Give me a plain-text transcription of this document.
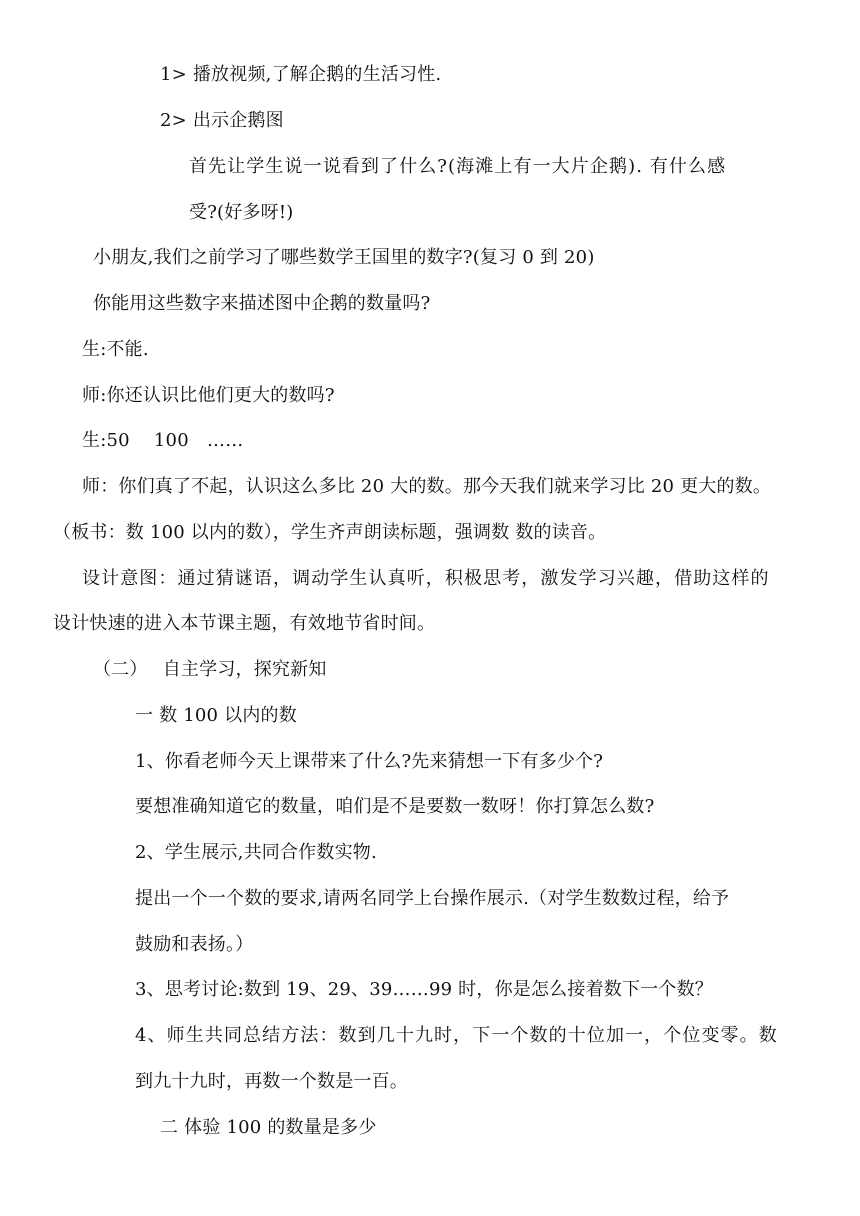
1> 播放视频,了解企鹅的生活习性.
2> 出示企鹅图
首先让学生说一说看到了什么?(海滩上有一大片企鹅). 有什么感
受?(好多呀!)
小朋友,我们之前学习了哪些数学王国里的数字?(复习 0 到 20)
你能用这些数字来描述图中企鹅的数量吗?
生:不能.
师:你还认识比他们更大的数吗?
生:50　 100　……
师：你们真了不起，认识这么多比 20 大的数。那今天我们就来学习比 20 更大的数。
（板书：数 100 以内的数），学生齐声朗读标题，强调数 数的读音。
设计意图：通过猜谜语，调动学生认真听，积极思考，激发学习兴趣，借助这样的
设计快速的进入本节课主题，有效地节省时间。
（二）　 自主学习，探究新知
一 数 100 以内的数
1、你看老师今天上课带来了什么?先来猜想一下有多少个?
要想准确知道它的数量，咱们是不是要数一数呀！你打算怎么数?
2、学生展示,共同合作数实物.
提出一个一个数的要求,请两名同学上台操作展示.（对学生数数过程，给予
鼓励和表扬。）
3、思考讨论:数到 19、29、39……99 时，你是怎么接着数下一个数？
4、师生共同总结方法：数到几十九时，下一个数的十位加一，个位变零。数
到九十九时，再数一个数是一百。
二 体验 100 的数量是多少
